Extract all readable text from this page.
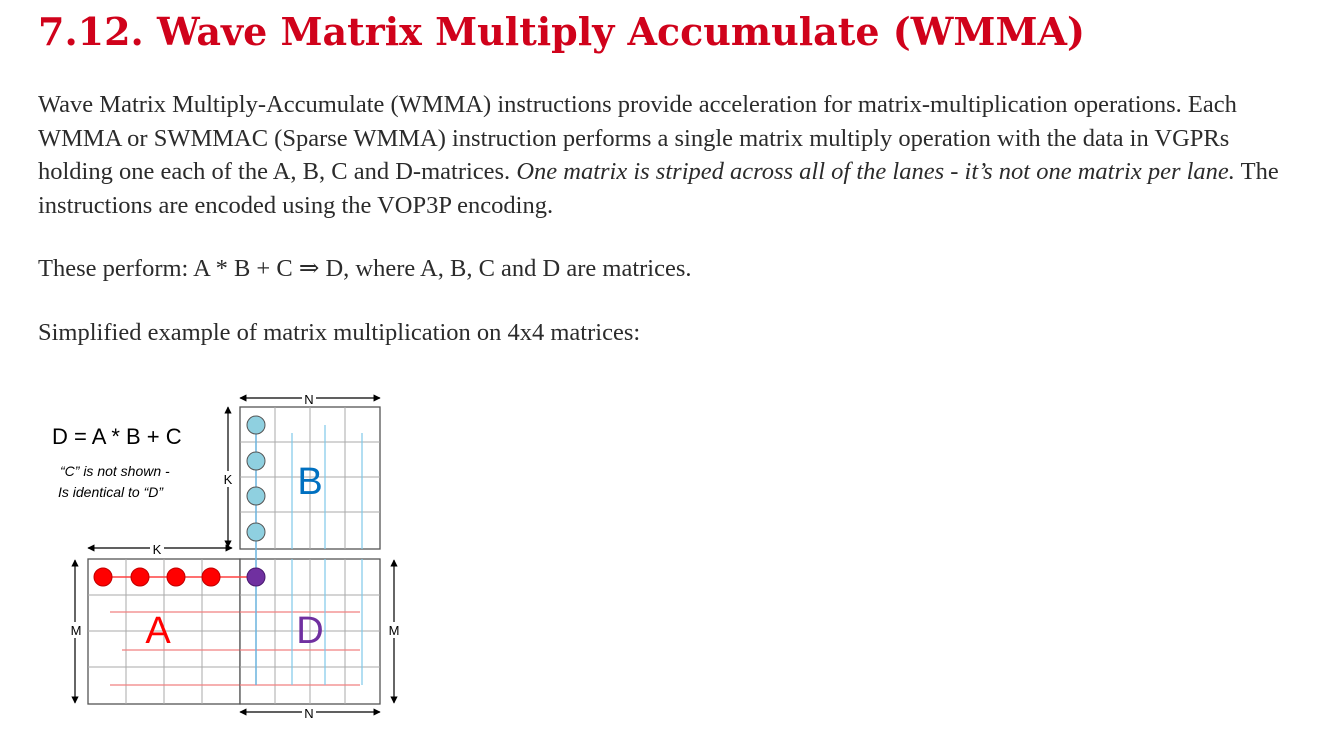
7.12. Wave Matrix Multiply Accumulate (WMMA)

Wave Matrix Multiply-Accumulate (WMMA) instructions provide acceleration for matrix-multiplication operations. Each WMMA or SWMMAC (Sparse WMMA) instruction performs a single matrix multiply operation with the data in VGPRs holding one each of the A, B, C and D-matrices. One matrix is striped across all of the lanes - it’s not one matrix per lane. The instructions are encoded using the VOP3P encoding.

These perform: A * B + C ⇒ D, where A, B, C and D are matrices.

Simplified example of matrix multiplication on 4x4 matrices:

D = A * B + C
“C” is not shown -
Is identical to “D”
N
K
K
M	M
N
B
A	D
